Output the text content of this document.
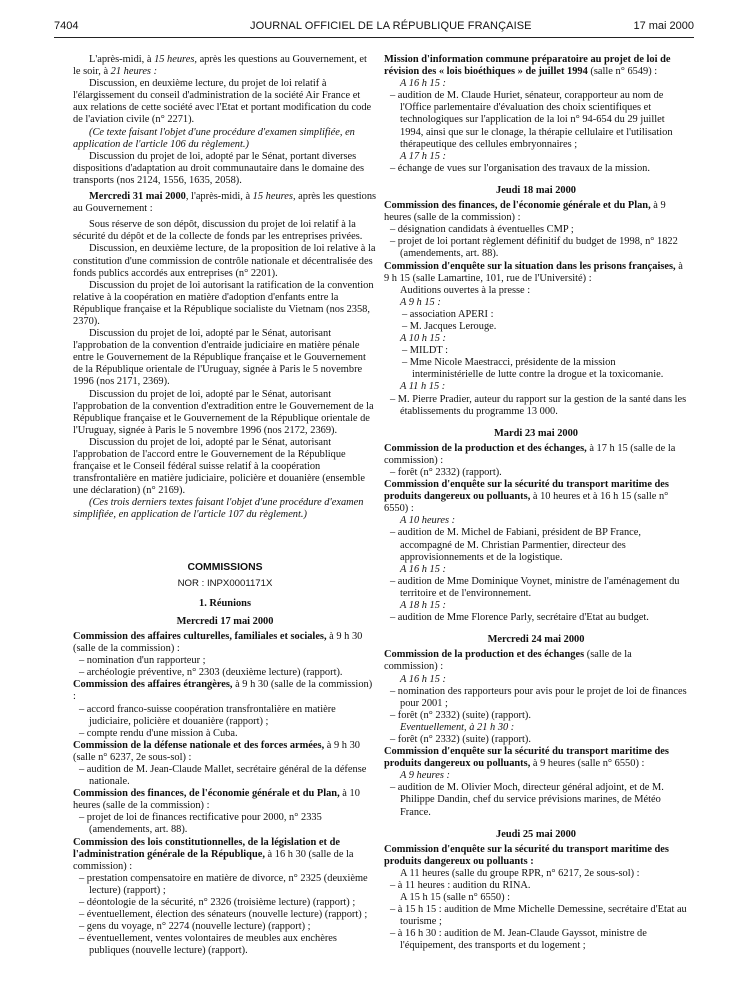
7404	JOURNAL OFFICIEL DE LA RÉPUBLIQUE FRANÇAISE	17 mai 2000

L'après-midi, à 15 heures, après les questions au Gouvernement, et le soir, à 21 heures :

Discussion, en deuxième lecture, du projet de loi relatif à l'élargissement du conseil d'administration de la société Air France et aux relations de cette société avec l'Etat et portant modification du code de l'aviation civile (n° 2271).

(Ce texte faisant l'objet d'une procédure d'examen simplifiée, en application de l'article 106 du règlement.)

Discussion du projet de loi, adopté par le Sénat, portant diverses dispositions d'adaptation au droit communautaire dans le domaine des transports (nos 2124, 1556, 1635, 2058).

Mercredi 31 mai 2000, l'après-midi, à 15 heures, après les questions au Gouvernement :

Sous réserve de son dépôt, discussion du projet de loi relatif à la sécurité du dépôt et de la collecte de fonds par les entreprises privées.

Discussion, en deuxième lecture, de la proposition de loi relative à la constitution d'une commission de contrôle nationale et décentralisée des fonds publics accordés aux entreprises (n° 2201).

Discussion du projet de loi autorisant la ratification de la convention relative à la coopération en matière d'adoption d'enfants entre la République française et la République socialiste du Vietnam (nos 2358, 2370).

Discussion du projet de loi, adopté par le Sénat, autorisant l'approbation de la convention d'entraide judiciaire en matière pénale entre le Gouvernement de la République française et le Gouvernement de la République orientale de l'Uruguay, signée à Paris le 5 novembre 1996 (nos 2171, 2369).

Discussion du projet de loi, adopté par le Sénat, autorisant l'approbation de la convention d'extradition entre le Gouvernement de la République française et le Gouvernement de la République orientale de l'Uruguay, signée à Paris le 5 novembre 1996 (nos 2172, 2369).

Discussion du projet de loi, adopté par le Sénat, autorisant l'approbation de l'accord entre le Gouvernement de la République française et le Conseil fédéral suisse relatif à la coopération transfrontalière en matière judiciaire, policière et douanière (ensemble une déclaration) (n° 2169).

(Ces trois derniers textes faisant l'objet d'une procédure d'examen simplifiée, en application de l'article 107 du règlement.)

COMMISSIONS

NOR : INPX0001171X

1. Réunions

Mercredi 17 mai 2000

Commission des affaires culturelles, familiales et sociales, à 9 h 30 (salle de la commission) :

– nomination d'un rapporteur ;

– archéologie préventive, n° 2303 (deuxième lecture) (rapport).

Commission des affaires étrangères, à 9 h 30 (salle de la commission) :

– accord franco-suisse coopération transfrontalière en matière judiciaire, policière et douanière (rapport) ;

– compte rendu d'une mission à Cuba.

Commission de la défense nationale et des forces armées, à 9 h 30 (salle n° 6237, 2e sous-sol) :

– audition de M. Jean-Claude Mallet, secrétaire général de la défense nationale.

Commission des finances, de l'économie générale et du Plan, à 10 heures (salle de la commission) :

– projet de loi de finances rectificative pour 2000, n° 2335 (amendements, art. 88).

Commission des lois constitutionnelles, de la législation et de l'administration générale de la République, à 16 h 30 (salle de la commission) :

– prestation compensatoire en matière de divorce, n° 2325 (deuxième lecture) (rapport) ;

– déontologie de la sécurité, n° 2326 (troisième lecture) (rapport) ;

– éventuellement, élection des sénateurs (nouvelle lecture) (rapport) ;

– gens du voyage, n° 2274 (nouvelle lecture) (rapport) ;

– éventuellement, ventes volontaires de meubles aux enchères publiques (nouvelle lecture) (rapport).

Mission d'information commune préparatoire au projet de loi de révision des « lois bioéthiques » de juillet 1994 (salle n° 6549) :

A 16 h 15 :

– audition de M. Claude Huriet, sénateur, corapporteur au nom de l'Office parlementaire d'évaluation des choix scientifiques et technologiques sur l'application de la loi n° 94-654 du 29 juillet 1994, ainsi que sur le clonage, la thérapie cellulaire et l'utilisation thérapeutique des cellules embryonnaires ;

A 17 h 15 :

– échange de vues sur l'organisation des travaux de la mission.

Jeudi 18 mai 2000

Commission des finances, de l'économie générale et du Plan, à 9 heures (salle de la commission) :

– désignation candidats à éventuelles CMP ;

– projet de loi portant règlement définitif du budget de 1998, n° 1822 (amendements, art. 88).

Commission d'enquête sur la situation dans les prisons françaises, à 9 h 15 (salle Lamartine, 101, rue de l'Université) :

Auditions ouvertes à la presse :

A 9 h 15 :

– association APERI :

– M. Jacques Lerouge.

A 10 h 15 :

– MILDT :

– Mme Nicole Maestracci, présidente de la mission interministérielle de lutte contre la drogue et la toxicomanie.

A 11 h 15 :

– M. Pierre Pradier, auteur du rapport sur la gestion de la santé dans les établissements du programme 13 000.

Mardi 23 mai 2000

Commission de la production et des échanges, à 17 h 15 (salle de la commission) :

– forêt (n° 2332) (rapport).

Commission d'enquête sur la sécurité du transport maritime des produits dangereux ou polluants, à 10 heures et à 16 h 15 (salle n° 6550) :

A 10 heures :

– audition de M. Michel de Fabiani, président de BP France, accompagné de M. Christian Parmentier, directeur des approvisionnements et de la logistique.

A 16 h 15 :

– audition de Mme Dominique Voynet, ministre de l'aménagement du territoire et de l'environnement.

A 18 h 15 :

– audition de Mme Florence Parly, secrétaire d'Etat au budget.

Mercredi 24 mai 2000

Commission de la production et des échanges (salle de la commission) :

A 16 h 15 :

– nomination des rapporteurs pour avis pour le projet de loi de finances pour 2001 ;

– forêt (n° 2332) (suite) (rapport).

Eventuellement, à 21 h 30 :

– forêt (n° 2332) (suite) (rapport).

Commission d'enquête sur la sécurité du transport maritime des produits dangereux ou polluants, à 9 heures (salle n° 6550) :

A 9 heures :

– audition de M. Olivier Moch, directeur général adjoint, et de M. Philippe Dandin, chef du service prévisions marines, de Météo France.

Jeudi 25 mai 2000

Commission d'enquête sur la sécurité du transport maritime des produits dangereux ou polluants :

A 11 heures (salle du groupe RPR, n° 6217, 2e sous-sol) :

– à 11 heures : audition du RINA.

A 15 h 15 (salle n° 6550) :

– à 15 h 15 : audition de Mme Michelle Demessine, secrétaire d'Etat au tourisme ;

– à 16 h 30 : audition de M. Jean-Claude Gayssot, ministre de l'équipement, des transports et du logement ;
